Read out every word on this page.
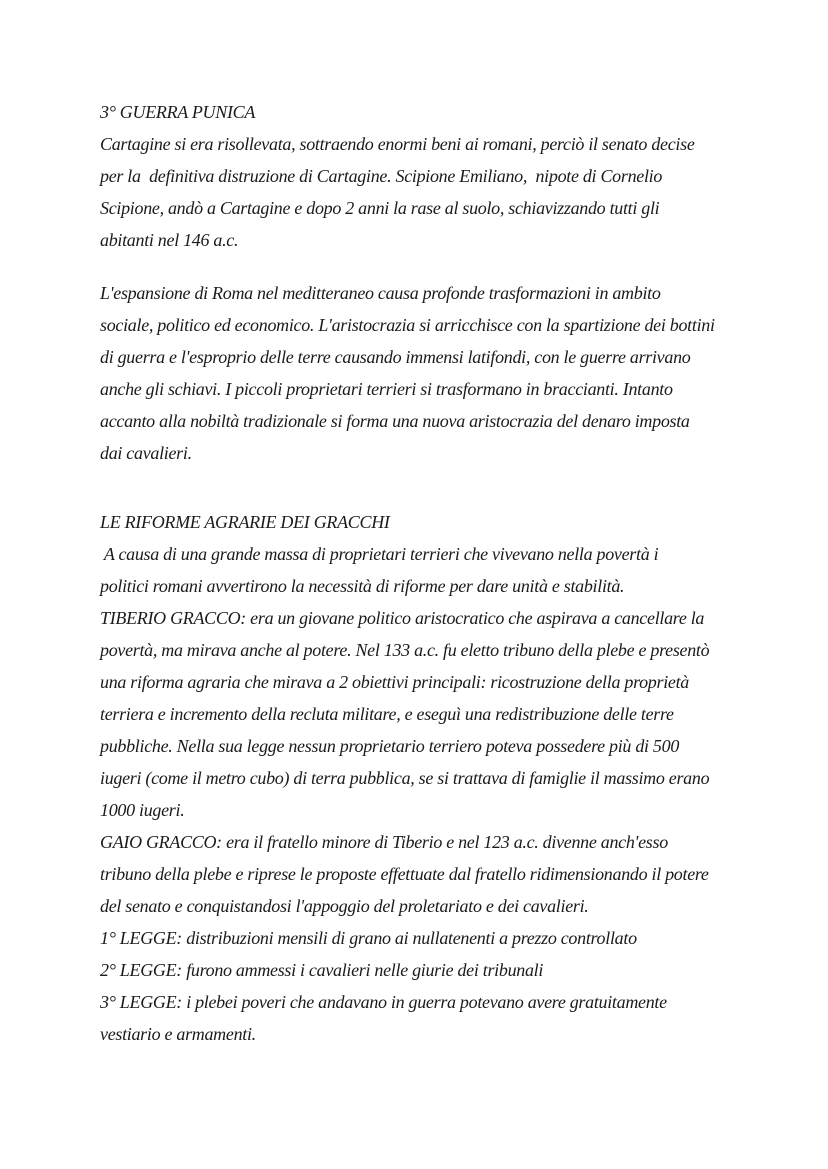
3° GUERRA PUNICA
Cartagine si era risollevata, sottraendo enormi beni ai romani, perciò il senato decise
per la  definitiva distruzione di Cartagine. Scipione Emiliano,  nipote di Cornelio
Scipione, andò a Cartagine e dopo 2 anni la rase al suolo, schiavizzando tutti gli
abitanti nel 146 a.c.
L'espansione di Roma nel meditteraneo causa profonde trasformazioni in ambito
sociale, politico ed economico. L'aristocrazia si arricchisce con la spartizione dei bottini
di guerra e l'esproprio delle terre causando immensi latifondi, con le guerre arrivano
anche gli schiavi. I piccoli proprietari terrieri si trasformano in braccianti. Intanto
accanto alla nobiltà tradizionale si forma una nuova aristocrazia del denaro imposta
dai cavalieri.
LE RIFORME AGRARIE DEI GRACCHI
A causa di una grande massa di proprietari terrieri che vivevano nella povertà i
politici romani avvertirono la necessità di riforme per dare unità e stabilità.
TIBERIO GRACCO: era un giovane politico aristocratico che aspirava a cancellare la
povertà, ma mirava anche al potere. Nel 133 a.c. fu eletto tribuno della plebe e presentò
una riforma agraria che mirava a 2 obiettivi principali: ricostruzione della proprietà
terriera e incremento della recluta militare, e eseguì una redistribuzione delle terre
pubbliche. Nella sua legge nessun proprietario terriero poteva possedere più di 500
iugeri (come il metro cubo) di terra pubblica, se si trattava di famiglie il massimo erano
1000 iugeri.
GAIO GRACCO: era il fratello minore di Tiberio e nel 123 a.c. divenne anch'esso
tribuno della plebe e riprese le proposte effettuate dal fratello ridimensionando il potere
del senato e conquistandosi l'appoggio del proletariato e dei cavalieri.
1° LEGGE: distribuzioni mensili di grano ai nullatenenti a prezzo controllato
2° LEGGE: furono ammessi i cavalieri nelle giurie dei tribunali
3° LEGGE: i plebei poveri che andavano in guerra potevano avere gratuitamente
vestiario e armamenti.
